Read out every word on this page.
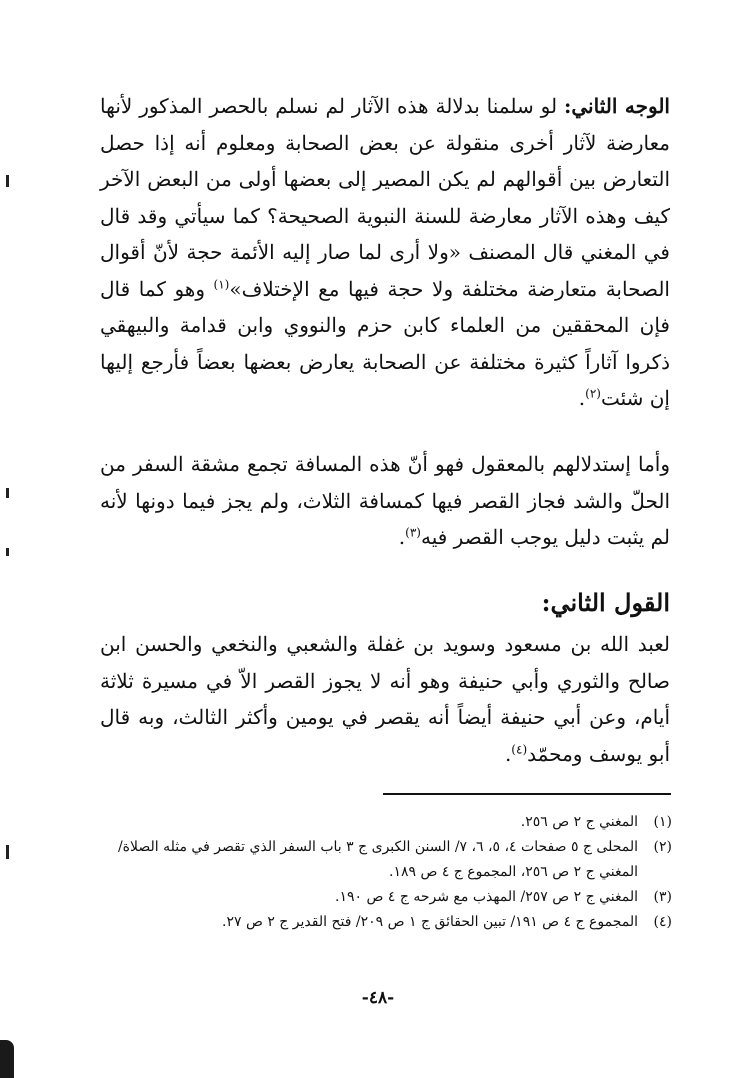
الوجه الثاني: لو سلمنا بدلالة هذه الآثار لم نسلم بالحصر المذكور لأنها معارضة لآثار أخرى منقولة عن بعض الصحابة ومعلوم أنه إذا حصل التعارض بين أقوالهم لم يكن المصير إلى بعضها أولى من البعض الآخر كيف وهذه الآثار معارضة للسنة النبوية الصحيحة؟ كما سيأتي وقد قال في المغني قال المصنف «ولا أرى لما صار إليه الأئمة حجة لأنّ أقوال الصحابة متعارضة مختلفة ولا حجة فيها مع الإختلاف»$^{(١)}$ وهو كما قال فإن المحققين من العلماء كابن حزم والنووي وابن قدامة والبيهقي ذكروا آثاراً كثيرة مختلفة عن الصحابة يعارض بعضها بعضاً فأرجع إليها إن شئت$^{(٢)}$.

وأما إستدلالهم بالمعقول فهو أنّ هذه المسافة تجمع مشقة السفر من الحلّ والشد فجاز القصر فيها كمسافة الثلاث، ولم يجز فيما دونها لأنه لم يثبت دليل يوجب القصر فيه$^{(٣)}$.

القول الثاني:

لعبد الله بن مسعود وسويد بن غفلة والشعبي والنخعي والحسن ابن صالح والثوري وأبي حنيفة وهو أنه لا يجوز القصر الاّ في مسيرة ثلاثة أيام، وعن أبي حنيفة أيضاً أنه يقصر في يومين وأكثر الثالث، وبه قال أبو يوسف ومحمّد$^{(٤)}$.

(١)
المغني ج ٢ ص ٢٥٦.
(٢)
المحلى ج ٥ صفحات ٤، ٥، ٦، ٧/ السنن الكبرى ج ٣ باب السفر الذي تقصر في مثله الصلاة/ المغني ج ٢ ص ٢٥٦، المجموع ج ٤ ص ١٨٩.
(٣)
المغني ج ٢ ص ٢٥٧/ المهذب مع شرحه ج ٤ ص ١٩٠.
(٤)
المجموع ج ٤ ص ١٩١/ تبين الحقائق ج ١ ص ٢٠٩/ فتح القدير ج ٢ ص ٢٧.
-٤٨-
